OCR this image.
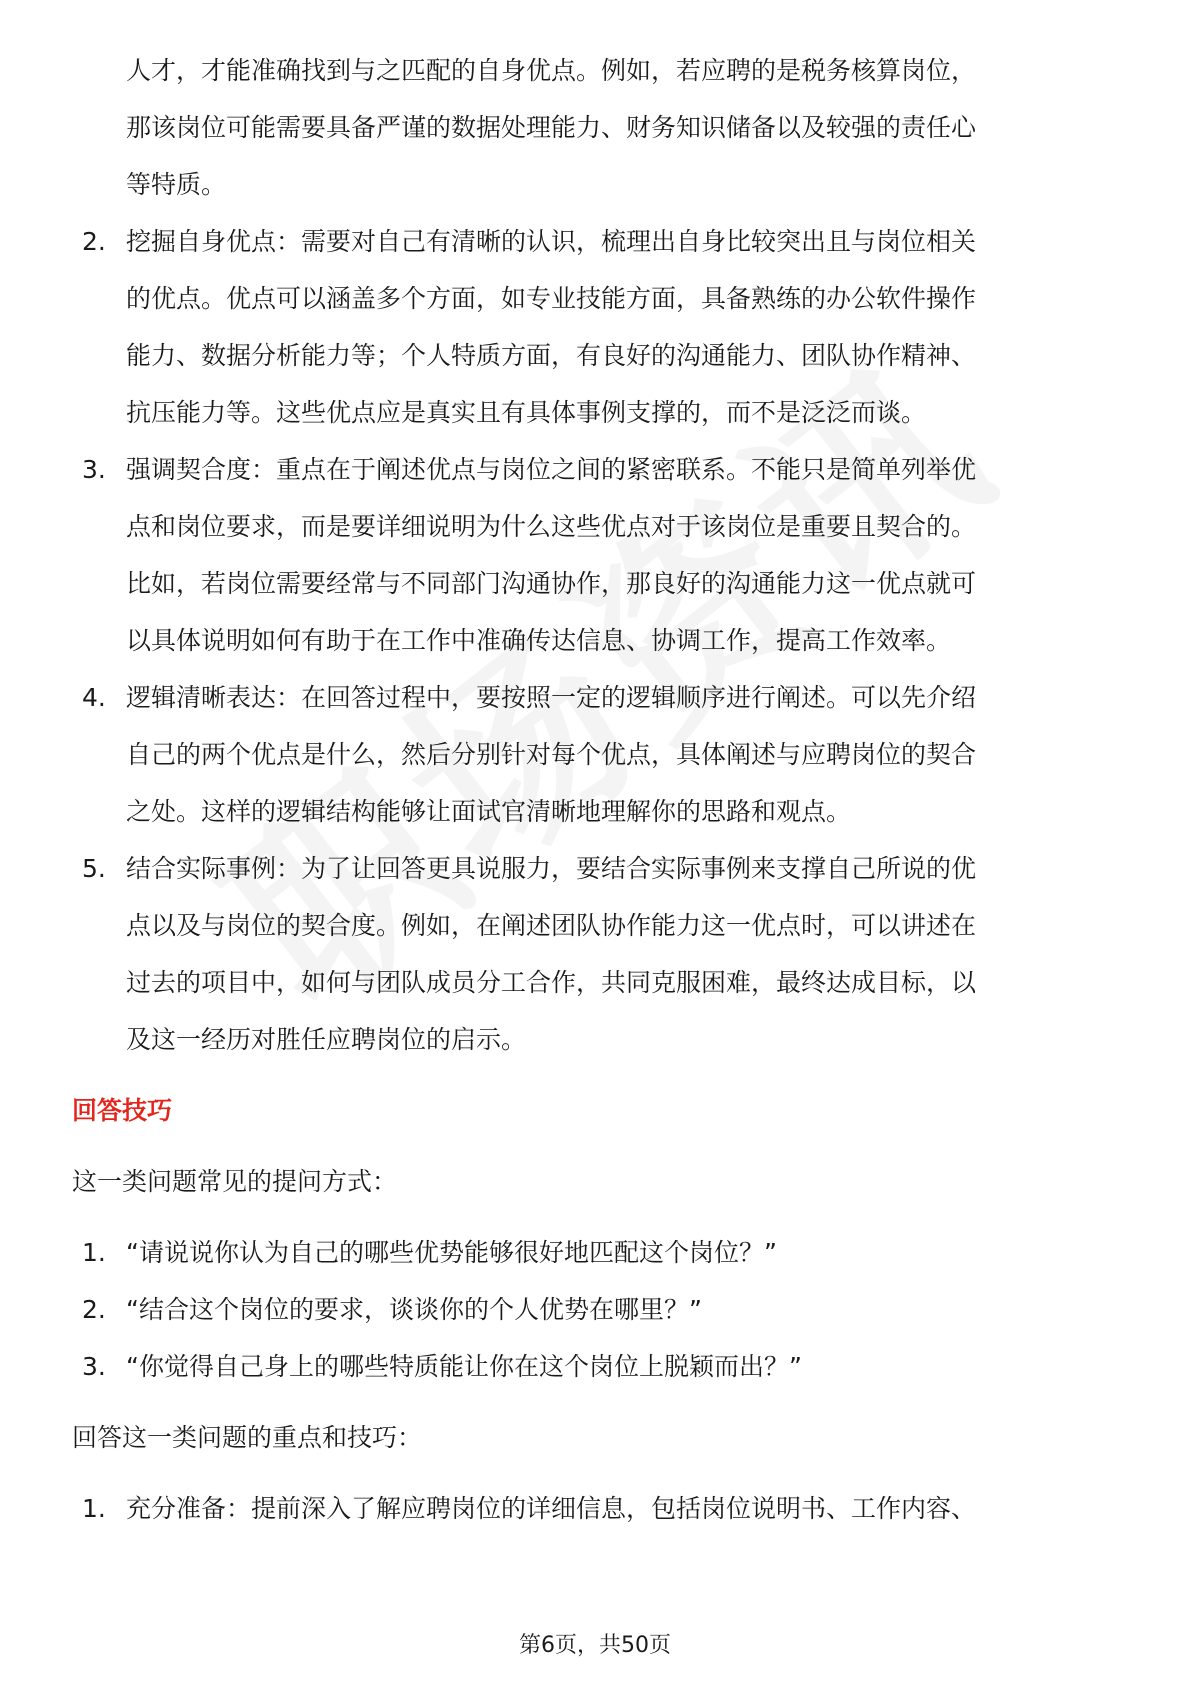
人才，才能准确找到与之匹配的自身优点。例如，若应聘的是税务核算岗位，

那该岗位可能需要具备严谨的数据处理能力、财务知识储备以及较强的责任心

等特质。

2. 挖掘自身优点：需要对自己有清晰的认识，梳理出自身比较突出且与岗位相关
的优点。优点可以涵盖多个方面，如专业技能方面，具备熟练的办公软件操作
能力、数据分析能力等；个人特质方面，有良好的沟通能力、团队协作精神、
抗压能力等。这些优点应是真实且有具体事例支撑的，而不是泛泛而谈。
3. 强调契合度：重点在于阐述优点与岗位之间的紧密联系。不能只是简单列举优
点和岗位要求，而是要详细说明为什么这些优点对于该岗位是重要且契合的。
比如，若岗位需要经常与不同部门沟通协作，那良好的沟通能力这一优点就可
以具体说明如何有助于在工作中准确传达信息、协调工作，提高工作效率。
4. 逻辑清晰表达：在回答过程中，要按照一定的逻辑顺序进行阐述。可以先介绍
自己的两个优点是什么，然后分别针对每个优点，具体阐述与应聘岗位的契合
之处。这样的逻辑结构能够让面试官清晰地理解你的思路和观点。
5. 结合实际事例：为了让回答更具说服力，要结合实际事例来支撑自己所说的优
点以及与岗位的契合度。例如，在阐述团队协作能力这一优点时，可以讲述在
过去的项目中，如何与团队成员分工合作，共同克服困难，最终达成目标，以
及这一经历对胜任应聘岗位的启示。

回答技巧

这一类问题常见的提问方式：

1. “请说说你认为自己的哪些优势能够很好地匹配这个岗位？”
2. “结合这个岗位的要求，谈谈你的个人优势在哪里？”
3. “你觉得自己身上的哪些特质能让你在这个岗位上脱颖而出？”

回答这一类问题的重点和技巧：

1. 充分准备：提前深入了解应聘岗位的详细信息，包括岗位说明书、工作内容、
第6页，共50页
